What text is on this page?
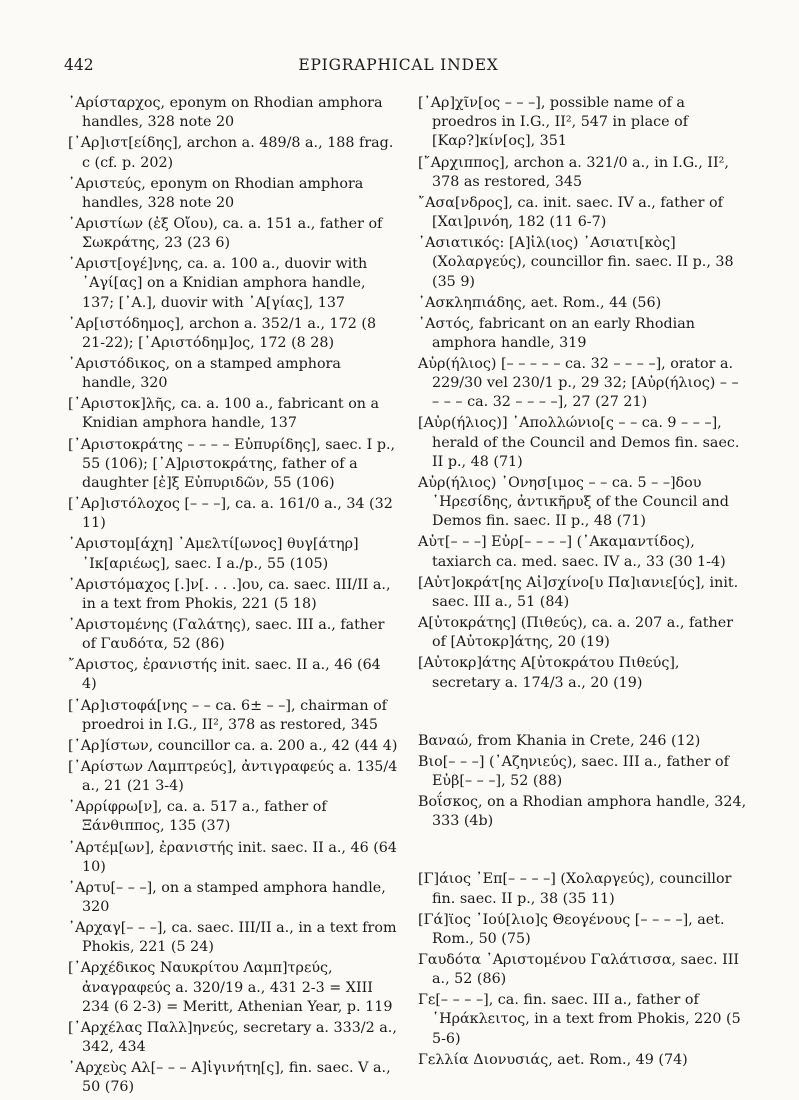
442	EPIGRAPHICAL INDEX

᾿Αρίσταρχος, eponym on Rhodian amphora handles, 328 note 20

[᾿Αρ]ιστ[είδης], archon a. 489/8 a., 188 frag. c (cf. p. 202)

᾿Αριστεύς, eponym on Rhodian amphora handles, 328 note 20

᾿Αριστίων (ἐξ Οἴου), ca. a. 151 a., father of Σωκράτης, 23 (23 6)

᾿Αριστ[ογέ]νης, ca. a. 100 a., duovir with ᾿Αγί[ας] on a Knidian amphora handle, 137; [᾿Α.], duovir with ᾿Α[γίας], 137

᾿Αρ[ιστόδημος], archon a. 352/1 a., 172 (8 21-22); [᾿Αριστόδημ]ος, 172 (8 28)

᾿Αριστόδικος, on a stamped amphora handle, 320

[᾿Αριστοκ]λῆς, ca. a. 100 a., fabricant on a Knidian amphora handle, 137

[᾿Αριστοκράτης – – – – Εὐπυρίδης], saec. I p., 55 (106); [᾿Α]ριστοκράτης, father of a daughter [ἐ]ξ Εὐπυριδῶν, 55 (106)

[᾿Αρ]ιστόλοχος [– – –], ca. a. 161/0 a., 34 (32 11)

᾿Αριστομ[άχη] ᾿Αμελτί[ωνος] θυγ[άτηρ] ᾿Ικ[αριέως], saec. I a./p., 55 (105)

᾿Αριστόμαχος [.]ν[. . . .]ου, ca. saec. III/II a., in a text from Phokis, 221 (5 18)

᾿Αριστομένης (Γαλάτης), saec. III a., father of Γαυδότα, 52 (86)

῎Αριστος, ἐρανιστής init. saec. II a., 46 (64 4)

[᾿Αρ]ιστοφά[νης – – ca. 6± – –], chairman of proedroi in I.G., II², 378 as restored, 345

[᾿Αρ]ίστων, councillor ca. a. 200 a., 42 (44 4)

[᾿Αρίστων Λαμπτρεύς], ἀντιγραφεύς a. 135/4 a., 21 (21 3-4)

᾿Αρρίφρω[ν], ca. a. 517 a., father of Ξάνθιππος, 135 (37)

᾿Αρτέμ[ων], ἐρανιστής init. saec. II a., 46 (64 10)

᾿Αρτυ[– – –], on a stamped amphora handle, 320

᾿Αρχαγ[– – –], ca. saec. III/II a., in a text from Phokis, 221 (5 24)

[᾿Αρχέδικος Ναυκρίτου Λαμπ]τρεύς, ἀναγραφεύς a. 320/19 a., 431 2-3 = XIII 234 (6 2-3) = Meritt, Athenian Year, p. 119

[᾿Αρχέλας Παλλ]ηνεύς, secretary a. 333/2 a., 342, 434

᾿Αρχεὺς Αλ[– – – Α]ἰγινήτη[ς], fin. saec. V a., 50 (76)

[᾿Αρ]χῖν[ος – – –], possible name of a proedros in I.G., II², 547 in place of [Καρ?]κίν[ος], 351

[῎Αρχιππος], archon a. 321/0 a., in I.G., II², 378 as restored, 345

῎Ασα[νδρος], ca. init. saec. IV a., father of [Χαι]ρινόη, 182 (11 6-7)

᾿Ασιατικός: [Α]ἰλ(ιος) ᾿Ασιατι[κὸς] (Χολαργεύς), councillor fin. saec. II p., 38 (35 9)

᾿Ασκληπιάδης, aet. Rom., 44 (56)

᾿Αστός, fabricant on an early Rhodian amphora handle, 319

Αὐρ(ήλιος) [– – – – – ca. 32 – – – –], orator a. 229/30 vel 230/1 p., 29 32; [Αὐρ(ήλιος) – – – – – ca. 32 – – – –], 27 (27 21)

[Αὐρ(ήλιος)] ᾿Απολλώνιο[ς – – ca. 9 – – –], herald of the Council and Demos fin. saec. II p., 48 (71)

Αὐρ(ήλιος) ᾿Ονησ[ιμος – – ca. 5 – –]δου ῾Ηρεσίδης, ἀντικῆρυξ of the Council and Demos fin. saec. II p., 48 (71)

Αὐτ[– – –] Εὐρ[– – – –] (᾿Ακαμαντίδος), taxiarch ca. med. saec. IV a., 33 (30 1-4)

[Αὐτ]οκράτ[ης Αἰ]σχίνο[υ Πα]ιανιε[ύς], init. saec. III a., 51 (84)

Α[ὐτοκράτης] (Πιθεύς), ca. a. 207 a., father of [Αὐτοκρ]άτης, 20 (19)

[Αὐτοκρ]άτης Α[ὐτοκράτου Πιθεύς], secretary a. 174/3 a., 20 (19)

Βαναώ, from Khania in Crete, 246 (12)

Βιο[– – –] (᾿Αζηνιεύς), saec. III a., father of Εὐβ[– – –], 52 (88)

Βοΐσκος, on a Rhodian amphora handle, 324, 333 (4b)

[Γ]άιος ᾿Επ[– – – –] (Χολαργεύς), councillor fin. saec. II p., 38 (35 11)

[Γά]ϊος ᾿Ιού[λιο]ς Θεογένους [– – – –], aet. Rom., 50 (75)

Γαυδότα ᾿Αριστομένου Γαλάτισσα, saec. III a., 52 (86)

Γε[– – – –], ca. fin. saec. III a., father of ῾Ηράκλειτος, in a text from Phokis, 220 (5 5-6)

Γελλία Διονυσιάς, aet. Rom., 49 (74)
